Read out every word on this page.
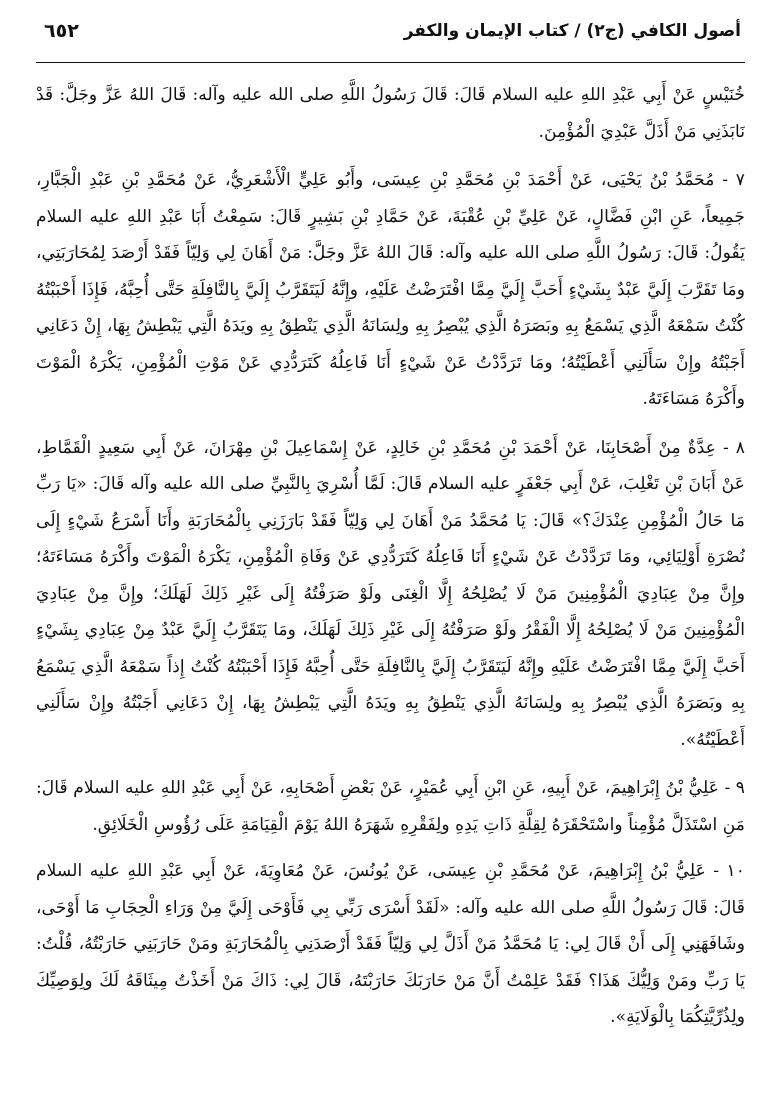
أصول الكافي (ج٢) / كتاب الإيمان والكفر
٦٥٢

خُنَيْسٍ عَنْ أَبِي عَبْدِ اللهِ عليه السلام قَالَ: قَالَ رَسُولُ اللَّهِ صلى الله عليه وآله: قَالَ اللهُ عَزَّ وجَلَّ: قَدْ نَابَذَنِي مَنْ أَذَلَّ عَبْدِيَ الْمُؤْمِنَ.

٧ - مُحَمَّدُ بْنُ يَحْيَى، عَنْ أَحْمَدَ بْنِ مُحَمَّدِ بْنِ عِيسَى، وأَبُو عَلِيٍّ الْأَشْعَرِيُّ، عَنْ مُحَمَّدِ بْنِ عَبْدِ الْجَبَّارِ، جَمِيعاً، عَنِ ابْنِ فَضَّالٍ، عَنْ عَلِيِّ بْنِ عُقْبَةَ، عَنْ حَمَّادِ بْنِ بَشِيرٍ قَالَ: سَمِعْتُ أَبَا عَبْدِ اللهِ عليه السلام يَقُولُ: قَالَ: رَسُولُ اللَّهِ صلى الله عليه وآله: قَالَ اللهُ عَزَّ وجَلَّ: مَنْ أَهَانَ لِي وَلِيّاً فَقَدْ أَرْصَدَ لِمُحَارَبَتِي، ومَا تَقَرَّبَ إِلَيَّ عَبْدٌ بِشَيْءٍ أَحَبَّ إِلَيَّ مِمَّا افْتَرَضْتُ عَلَيْهِ، وإِنَّهُ لَيَتَقَرَّبُ إِلَيَّ بِالنَّافِلَةِ حَتَّى أُحِبَّهُ، فَإِذَا أَحْبَبْتُهُ كُنْتُ سَمْعَهُ الَّذِي يَسْمَعُ بِهِ وبَصَرَهُ الَّذِي يُبْصِرُ بِهِ ولِسَانَهُ الَّذِي يَنْطِقُ بِهِ ويَدَهُ الَّتِي يَبْطِشُ بِهَا، إِنْ دَعَانِي أَجَبْتُهُ وإِنْ سَأَلَنِي أَعْطَيْتُهُ؛ ومَا تَرَدَّدْتُ عَنْ شَيْءٍ أَنَا فَاعِلُهُ كَتَرَدُّدِي عَنْ مَوْتِ الْمُؤْمِنِ، يَكْرَهُ الْمَوْتَ وأَكْرَهُ مَسَاءَتَهُ.

٨ - عِدَّةٌ مِنْ أَصْحَابِنَا، عَنْ أَحْمَدَ بْنِ مُحَمَّدِ بْنِ خَالِدٍ، عَنْ إِسْمَاعِيلَ بْنِ مِهْرَانَ، عَنْ أَبِي سَعِيدٍ الْقَمَّاطِ، عَنْ أَبَانَ بْنِ تَغْلِبَ، عَنْ أَبِي جَعْفَرٍ عليه السلام قَالَ: لَمَّا أُسْرِيَ بِالنَّبِيِّ صلى الله عليه وآله قَالَ: «يَا رَبِّ مَا حَالُ الْمُؤْمِنِ عِنْدَكَ؟» قَالَ: يَا مُحَمَّدُ مَنْ أَهَانَ لِي وَلِيّاً فَقَدْ بَارَزَنِي بِالْمُحَارَبَةِ وأَنَا أَسْرَعُ شَيْءٍ إِلَى نُصْرَةِ أَوْلِيَائِي، ومَا تَرَدَّدْتُ عَنْ شَيْءٍ أَنَا فَاعِلُهُ كَتَرَدُّدِي عَنْ وَفَاةِ الْمُؤْمِنِ، يَكْرَهُ الْمَوْتَ وأَكْرَهُ مَسَاءَتَهُ؛ وإِنَّ مِنْ عِبَادِيَ الْمُؤْمِنِينَ مَنْ لَا يُصْلِحُهُ إِلَّا الْغِنَى ولَوْ صَرَفْتُهُ إِلَى غَيْرِ ذَلِكَ لَهَلَكَ؛ وإِنَّ مِنْ عِبَادِيَ الْمُؤْمِنِينَ مَنْ لَا يُصْلِحُهُ إِلَّا الْفَقْرُ ولَوْ صَرَفْتُهُ إِلَى غَيْرِ ذَلِكَ لَهَلَكَ، ومَا يَتَقَرَّبُ إِلَيَّ عَبْدٌ مِنْ عِبَادِي بِشَيْءٍ أَحَبَّ إِلَيَّ مِمَّا افْتَرَضْتُ عَلَيْهِ وإِنَّهُ لَيَتَقَرَّبُ إِلَيَّ بِالنَّافِلَةِ حَتَّى أُحِبَّهُ فَإِذَا أَحْبَبْتُهُ كُنْتُ إِذاً سَمْعَهُ الَّذِي يَسْمَعُ بِهِ وبَصَرَهُ الَّذِي يُبْصِرُ بِهِ ولِسَانَهُ الَّذِي يَنْطِقُ بِهِ ويَدَهُ الَّتِي يَبْطِشُ بِهَا، إِنْ دَعَانِي أَجَبْتُهُ وإِنْ سَأَلَنِي أَعْطَيْتُهُ».

٩ - عَلِيُّ بْنُ إِبْرَاهِيمَ، عَنْ أَبِيهِ، عَنِ ابْنِ أَبِي عُمَيْرٍ، عَنْ بَعْضِ أَصْحَابِهِ، عَنْ أَبِي عَبْدِ اللهِ عليه السلام قَالَ: مَنِ اسْتَذَلَّ مُؤْمِناً واسْتَحْقَرَهُ لِقِلَّةِ ذَاتِ يَدِهِ ولِفَقْرِهِ شَهَرَهُ اللهُ يَوْمَ الْقِيَامَةِ عَلَى رُؤُوسِ الْخَلَائِقِ.

١٠ - عَلِيُّ بْنُ إِبْرَاهِيمَ، عَنْ مُحَمَّدِ بْنِ عِيسَى، عَنْ يُونُسَ، عَنْ مُعَاوِيَةَ، عَنْ أَبِي عَبْدِ اللهِ عليه السلام قَالَ: قَالَ رَسُولُ اللَّهِ صلى الله عليه وآله: «لَقَدْ أَسْرَى رَبِّي بِي فَأَوْحَى إِلَيَّ مِنْ وَرَاءِ الْحِجَابِ مَا أَوْحَى، وشَافَهَنِي إِلَى أَنْ قَالَ لِي: يَا مُحَمَّدُ مَنْ أَذَلَّ لِي وَلِيّاً فَقَدْ أَرْصَدَنِي بِالْمُحَارَبَةِ ومَنْ حَارَبَنِي حَارَبْتُهُ، قُلْتُ: يَا رَبِّ ومَنْ وَلِيُّكَ هَذَا؟ فَقَدْ عَلِمْتُ أَنَّ مَنْ حَارَبَكَ حَارَبْتَهُ، قَالَ لِي: ذَاكَ مَنْ أَخَذْتُ مِيثَاقَهُ لَكَ ولِوَصِيِّكَ ولِذُرِّيَّتِكُمَا بِالْوَلَايَةِ».
